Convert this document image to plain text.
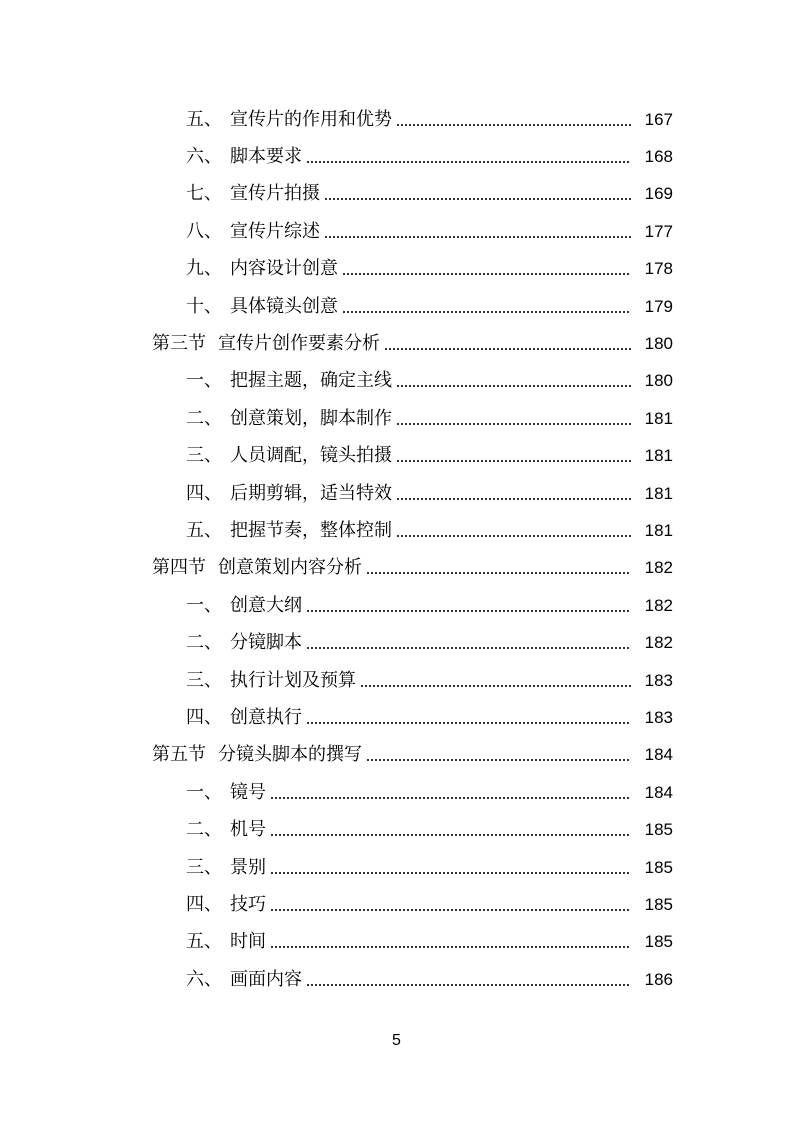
五、 宣传片的作用和优势	167
六、 脚本要求	168
七、 宣传片拍摄	169
八、 宣传片综述	177
九、 内容设计创意	178
十、 具体镜头创意	179
第三节 宣传片创作要素分析	180
一、 把握主题，确定主线	180
二、 创意策划，脚本制作	181
三、 人员调配，镜头拍摄	181
四、 后期剪辑，适当特效	181
五、 把握节奏，整体控制	181
第四节 创意策划内容分析	182
一、 创意大纲	182
二、 分镜脚本	182
三、 执行计划及预算	183
四、 创意执行	183
第五节 分镜头脚本的撰写	184
一、 镜号	184
二、 机号	185
三、 景别	185
四、 技巧	185
五、 时间	185
六、 画面内容	186
5
